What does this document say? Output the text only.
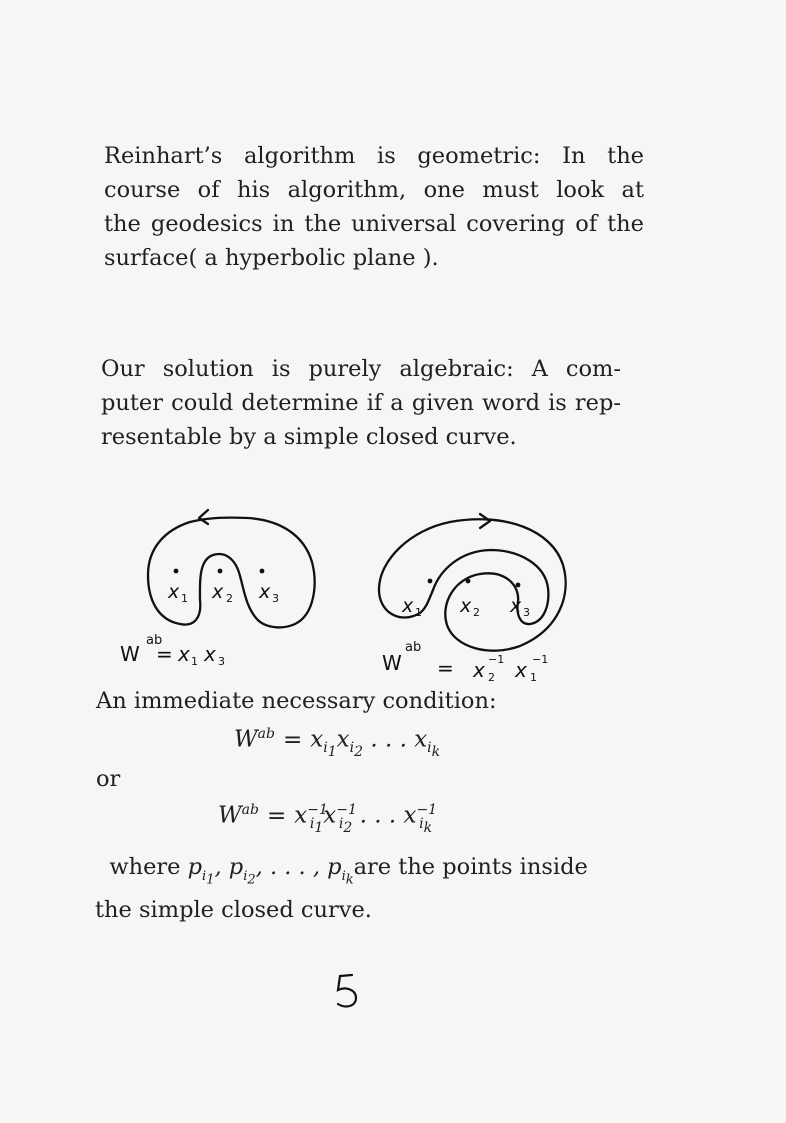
Reinhart’s algorithm is geometric: In the
course of his algorithm, one must look at
the geodesics in the universal covering of the
surface( a hyperbolic plane ).
Our solution is purely algebraic: A com-
puter could determine if a given word is rep-
resentable by a simple closed curve.
x 1 x 2 x 3	x 1 x 2 x 3
W
ab
= x 1 x 3	W
ab
= x 2
−1 x 1
−1
An immediate necessary condition:
$W^{ab} = x_{i_1}x_{i_2}$ . . . $x_{i_k}$
or
$W^{ab} = x^{-1}_{i_1}x^{-1}_{i_2}$ . . . $x^{-1}_{i_k}$
where $p_{i_1}$, $p_{i_2}$, . . . , $p_{i_k}are$ the points inside
the simple closed curve.
